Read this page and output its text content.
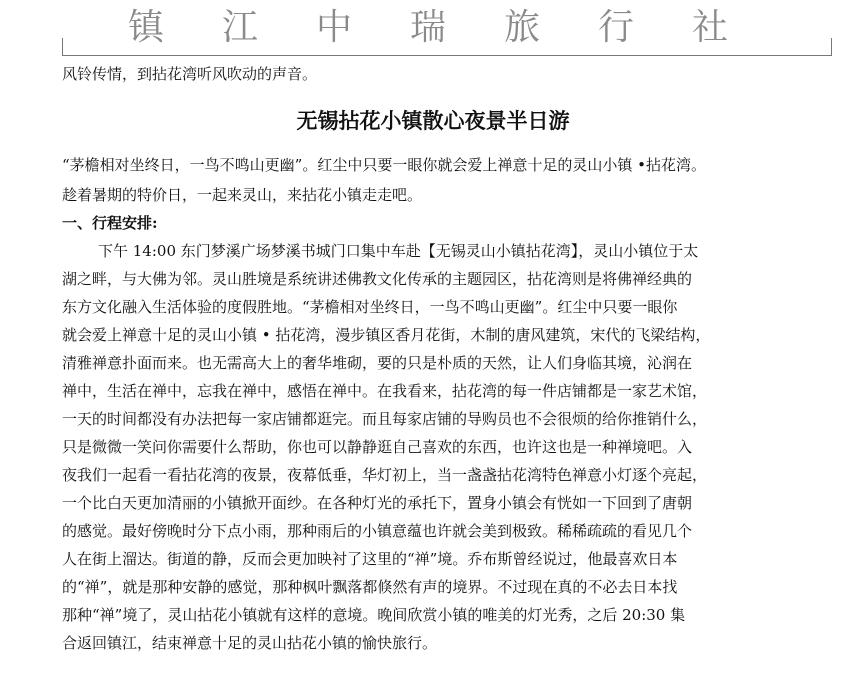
镇江中瑞旅行社
风铃传情，到拈花湾听风吹动的声音。
无锡拈花小镇散心夜景半日游
“茅檐相对坐终日，一鸟不鸣山更幽”。红尘中只要一眼你就会爱上禅意十足的灵山小镇 •拈花湾。
趁着暑期的特价日，一起来灵山，来拈花小镇走走吧。
一、行程安排:
下午 14:00 东门梦溪广场梦溪书城门口集中车赴【无锡灵山小镇拈花湾】，灵山小镇位于太
湖之畔，与大佛为邻。灵山胜境是系统讲述佛教文化传承的主题园区，拈花湾则是将佛禅经典的
东方文化融入生活体验的度假胜地。“茅檐相对坐终日，一鸟不鸣山更幽”。红尘中只要一眼你
就会爱上禅意十足的灵山小镇 • 拈花湾，漫步镇区香月花街，木制的唐风建筑，宋代的飞梁结构，
清雅禅意扑面而来。也无需高大上的奢华堆砌，要的只是朴质的天然，让人们身临其境，沁润在
禅中，生活在禅中，忘我在禅中，感悟在禅中。在我看来，拈花湾的每一件店铺都是一家艺术馆，
一天的时间都没有办法把每一家店铺都逛完。而且每家店铺的导购员也不会很烦的给你推销什么，
只是微微一笑问你需要什么帮助，你也可以静静逛自己喜欢的东西，也许这也是一种禅境吧。入
夜我们一起看一看拈花湾的夜景，夜幕低垂，华灯初上，当一盏盏拈花湾特色禅意小灯逐个亮起，
一个比白天更加清丽的小镇掀开面纱。在各种灯光的承托下，置身小镇会有恍如一下回到了唐朝
的感觉。最好傍晚时分下点小雨，那种雨后的小镇意蕴也许就会美到极致。稀稀疏疏的看见几个
人在街上溜达。街道的静，反而会更加映衬了这里的“禅”境。乔布斯曾经说过，他最喜欢日本
的“禅”，就是那种安静的感觉，那种枫叶飘落都倏然有声的境界。不过现在真的不必去日本找
那种“禅”境了，灵山拈花小镇就有这样的意境。晚间欣赏小镇的唯美的灯光秀，之后 20:30 集
合返回镇江，结束禅意十足的灵山拈花小镇的愉快旅行。
